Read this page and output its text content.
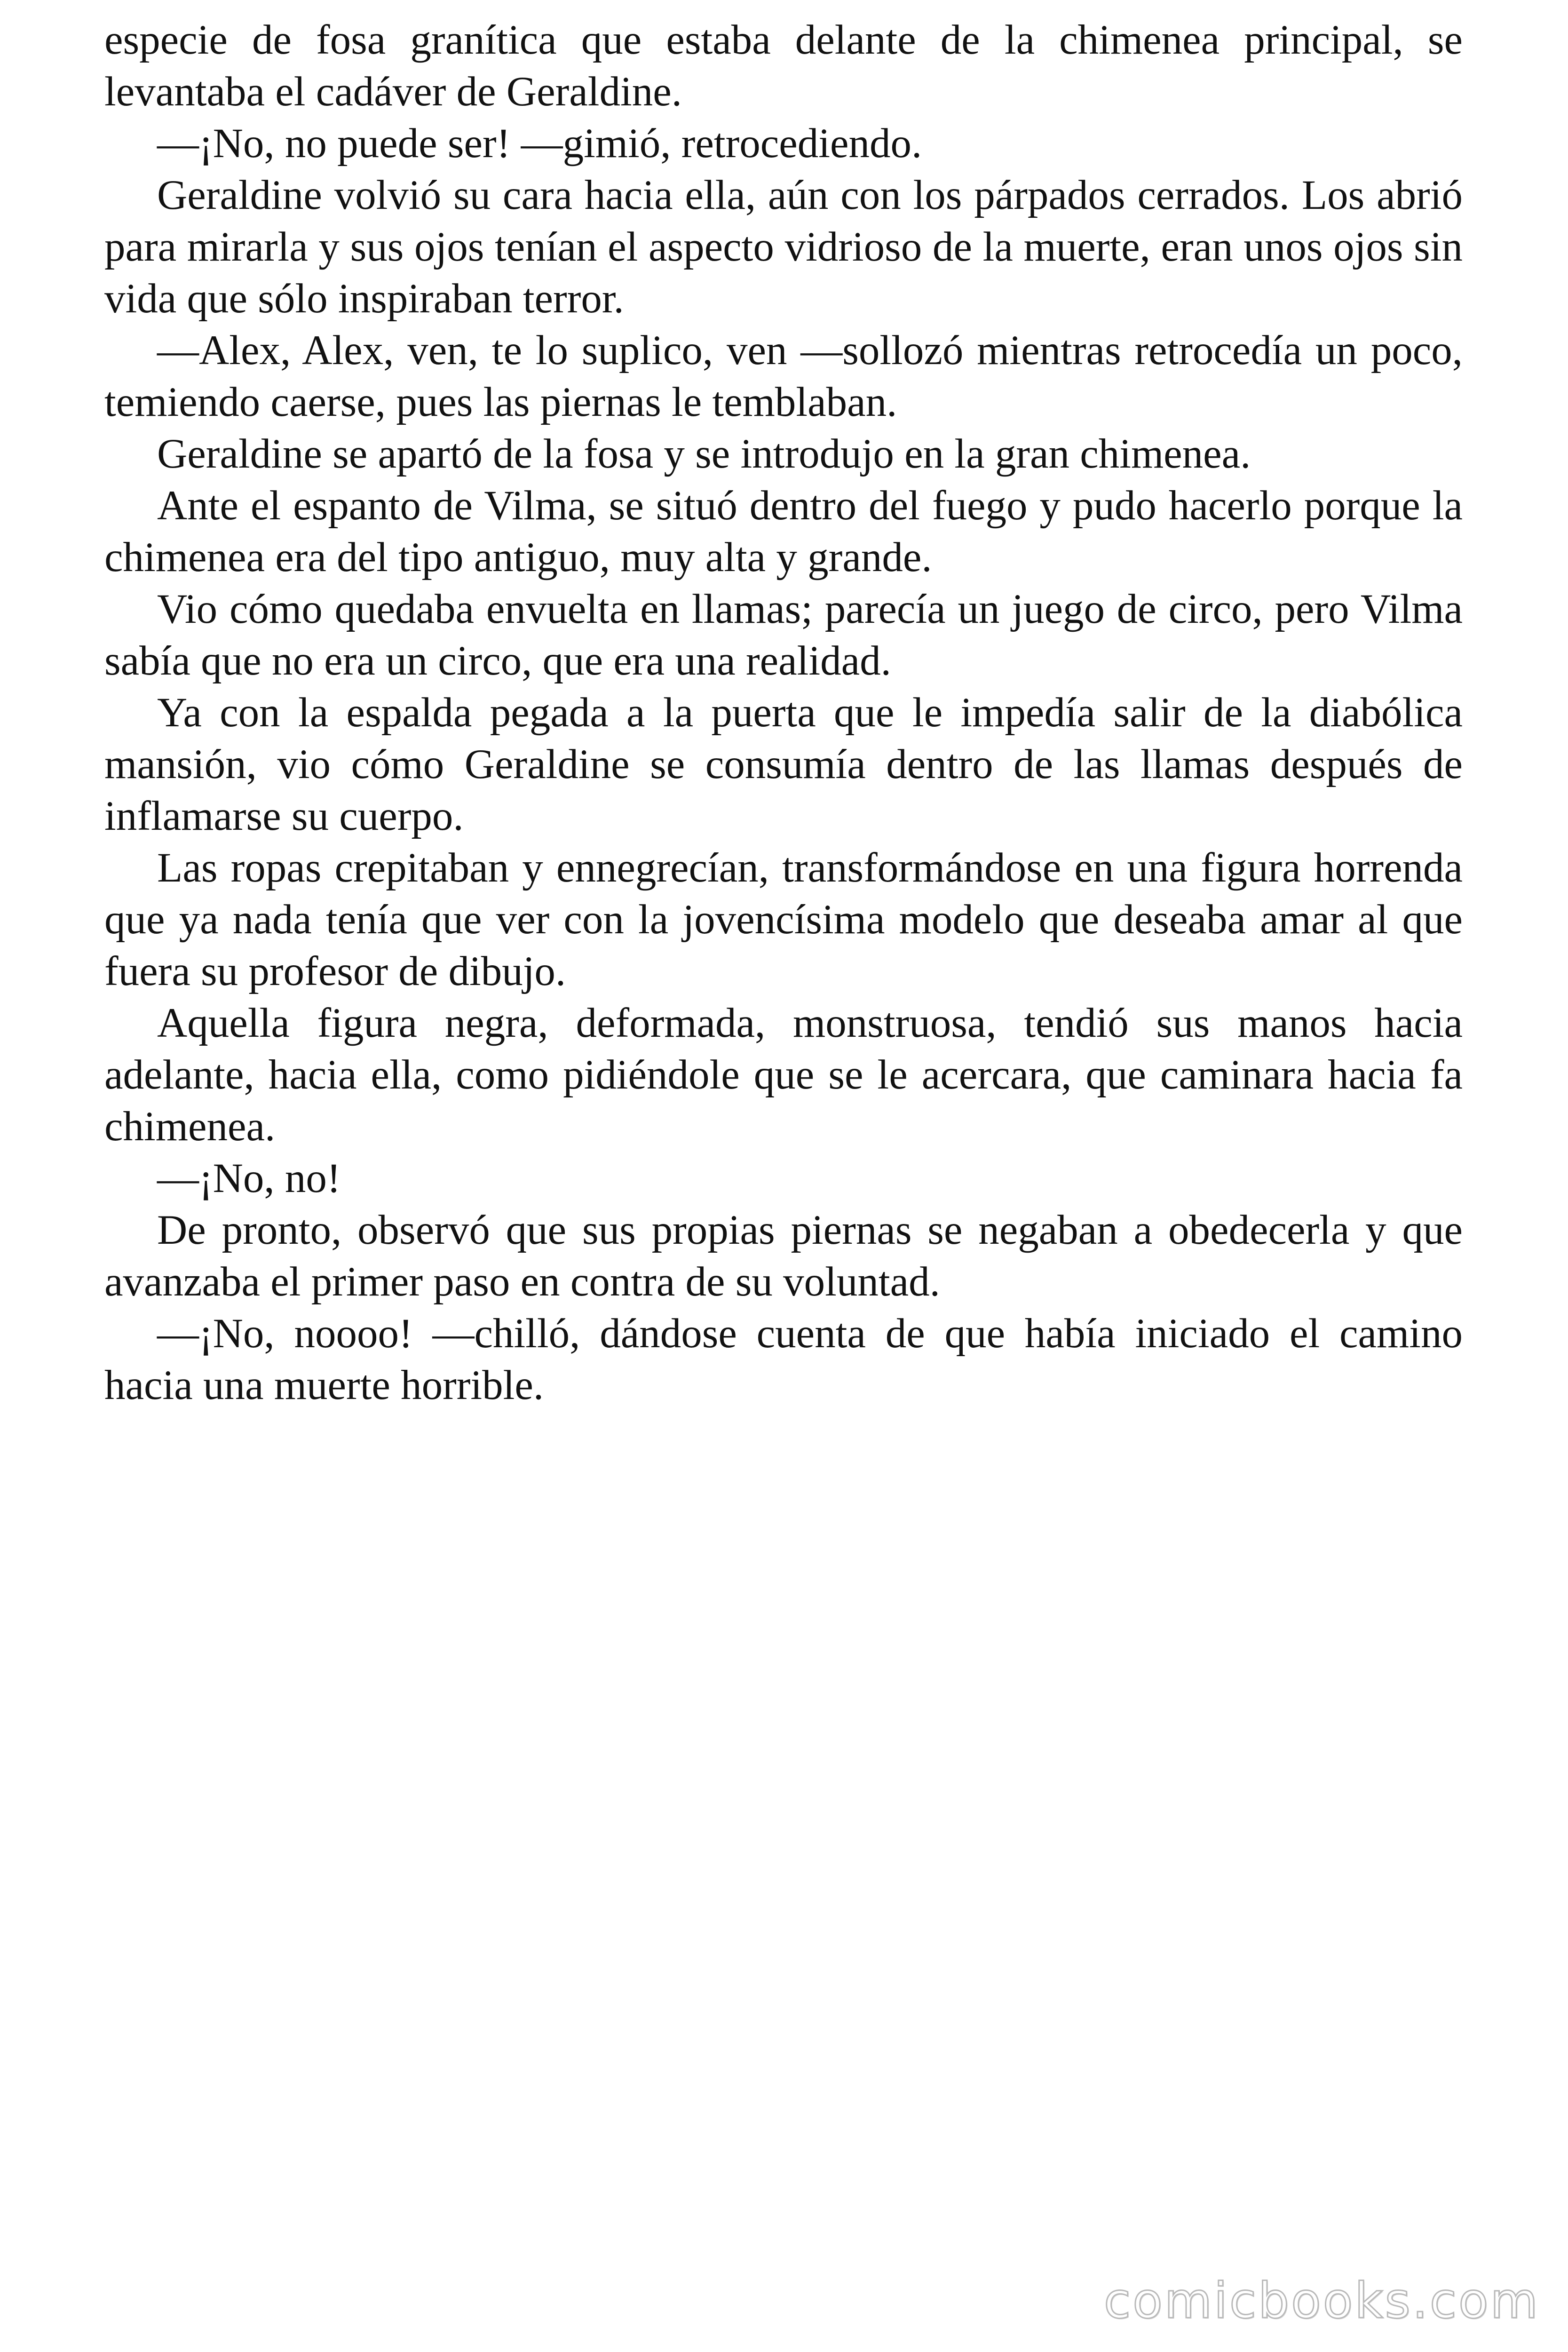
especie de fosa granítica que estaba delante de la chimenea principal, se levantaba el cadáver de Geraldine.

—¡No, no puede ser! —gimió, retrocediendo.

Geraldine volvió su cara hacia ella, aún con los párpados cerrados. Los abrió para mirarla y sus ojos tenían el aspecto vidrioso de la muerte, eran unos ojos sin vida que sólo inspiraban terror.

—Alex, Alex, ven, te lo suplico, ven —sollozó mientras retrocedía un poco, temiendo caerse, pues las piernas le temblaban.

Geraldine se apartó de la fosa y se introdujo en la gran chimenea.

Ante el espanto de Vilma, se situó dentro del fuego y pudo hacerlo porque la chimenea era del tipo antiguo, muy alta y grande.

Vio cómo quedaba envuelta en llamas; parecía un juego de circo, pero Vilma sabía que no era un circo, que era una realidad.

Ya con la espalda pegada a la puerta que le impedía salir de la diabólica mansión, vio cómo Geraldine se consumía dentro de las llamas después de inflamarse su cuerpo.

Las ropas crepitaban y ennegrecían, transformándose en una figura horrenda que ya nada tenía que ver con la jovencísima modelo que deseaba amar al que fuera su profesor de dibujo.

Aquella figura negra, deformada, monstruosa, tendió sus manos hacia adelante, hacia ella, como pidiéndole que se le acercara, que caminara hacia fa chimenea.

—¡No, no!

De pronto, observó que sus propias piernas se negaban a obedecerla y que avanzaba el primer paso en contra de su voluntad.

—¡No, noooo! —chilló, dándose cuenta de que había iniciado el camino hacia una muerte horrible.

comicbooks.com
